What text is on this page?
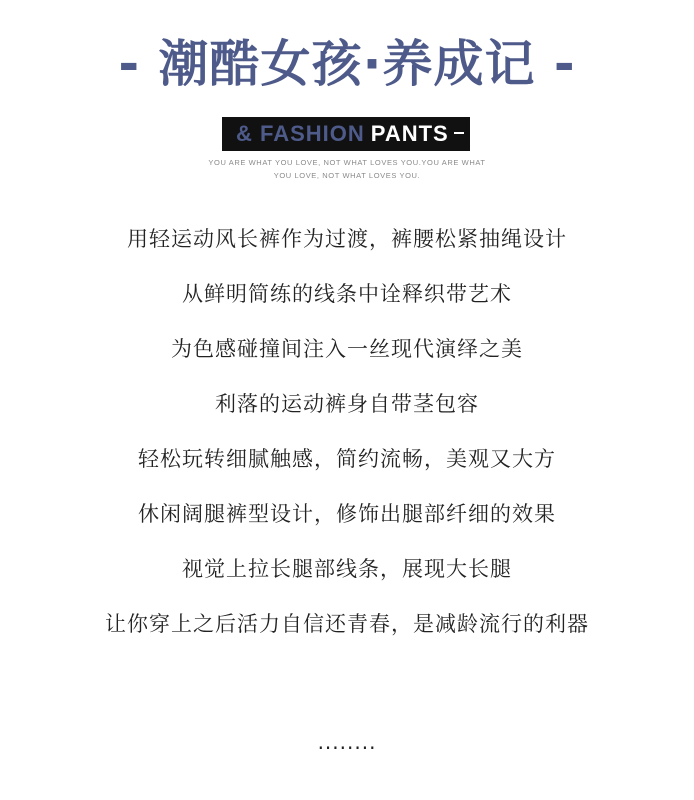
- 潮酷女孩·养成记 -
& FASHION PANTS
YOU ARE WHAT YOU LOVE, NOT WHAT LOVES YOU.YOU ARE WHAT
YOU LOVE, NOT WHAT LOVES YOU.
用轻运动风长裤作为过渡，裤腰松紧抽绳设计
从鲜明简练的线条中诠释织带艺术
为色感碰撞间注入一丝现代演绎之美
利落的运动裤身自带茎包容
轻松玩转细腻触感，简约流畅，美观又大方
休闲阔腿裤型设计，修饰出腿部纤细的效果
视觉上拉长腿部线条，展现大长腿
让你穿上之后活力自信还青春，是减龄流行的利器
........
